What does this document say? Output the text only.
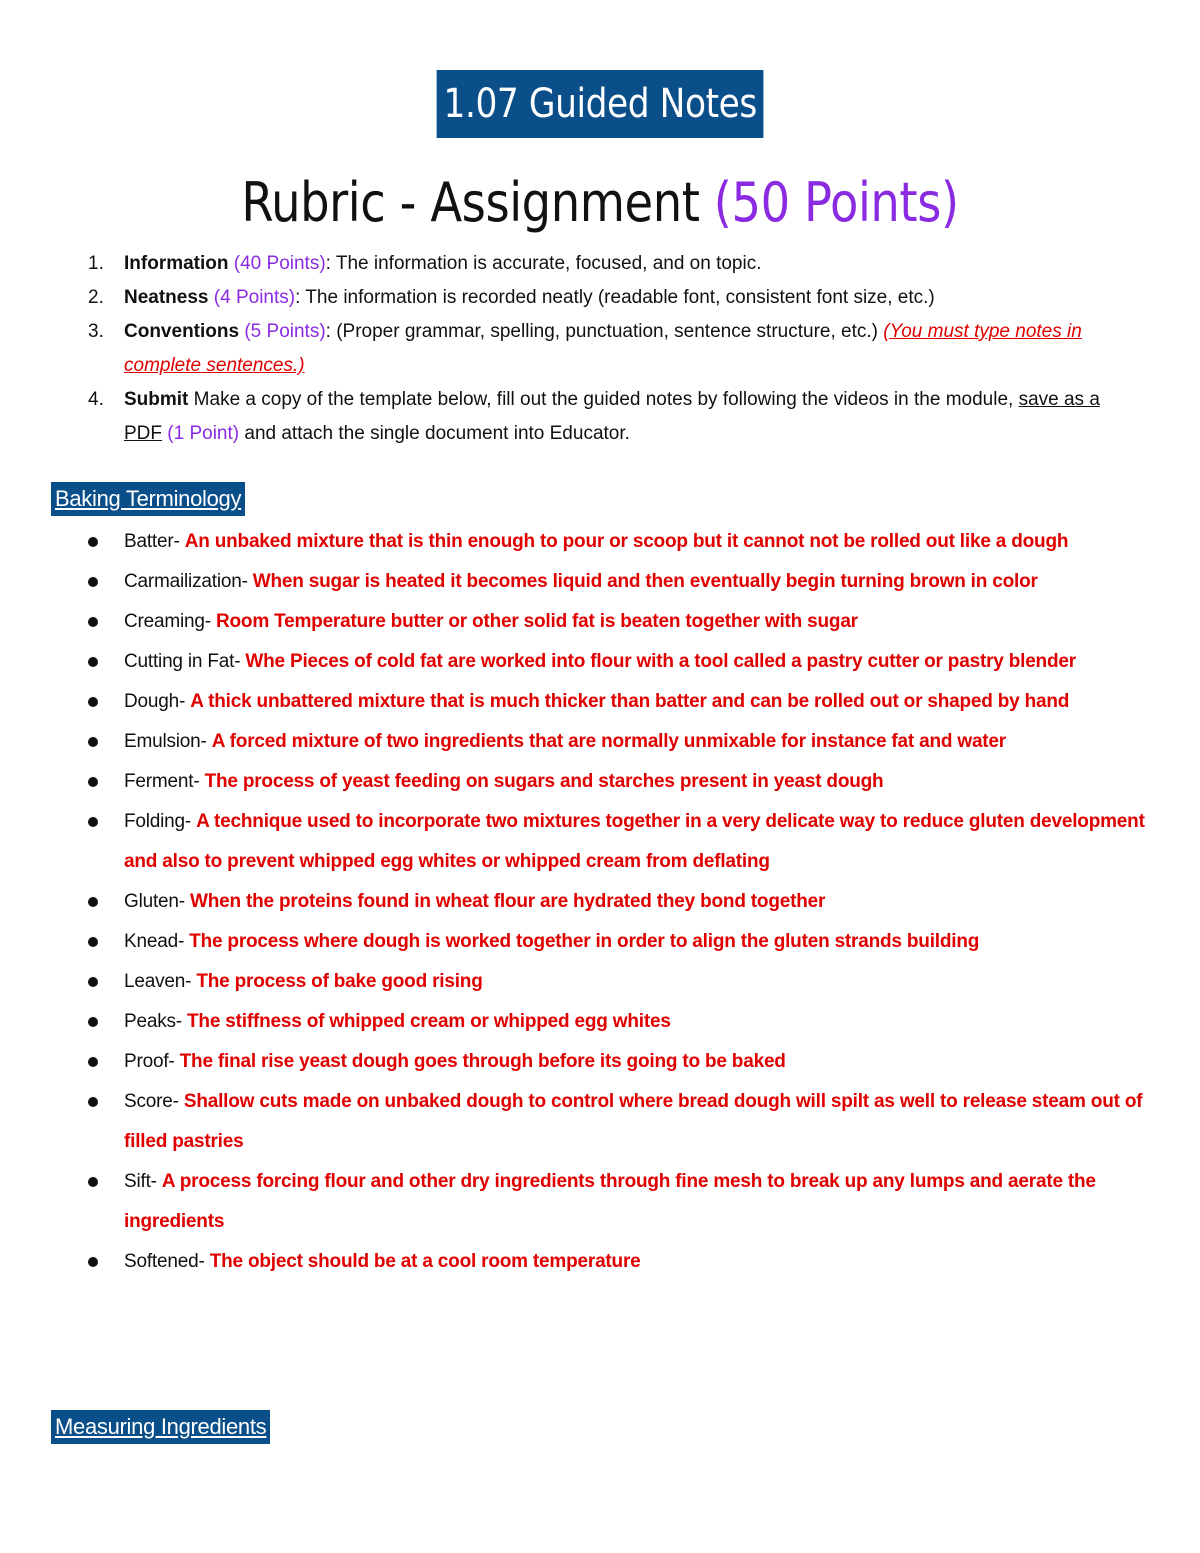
1.07 Guided Notes
Rubric - Assignment (50 Points)
1. Information (40 Points): The information is accurate, focused, and on topic.
2. Neatness (4 Points): The information is recorded neatly (readable font, consistent font size, etc.)
3. Conventions (5 Points): (Proper grammar, spelling, punctuation, sentence structure, etc.) (You must type notes in complete sentences.)
4. Submit Make a copy of the template below, fill out the guided notes by following the videos in the module, save as a PDF (1 Point) and attach the single document into Educator.
Baking Terminology
Batter- An unbaked mixture that is thin enough to pour or scoop but it cannot not be rolled out like a dough
Carmailization- When sugar is heated it becomes liquid and then eventually begin turning brown in color
Creaming- Room Temperature butter or other solid fat is beaten together with sugar
Cutting in Fat- Whe Pieces of cold fat are worked into flour with a tool called a pastry cutter or pastry blender
Dough- A thick unbattered mixture that is much thicker than batter and can be rolled out or shaped by hand
Emulsion- A forced mixture of two ingredients that are normally unmixable for instance fat and water
Ferment- The process of yeast feeding on sugars and starches present in yeast dough
Folding- A technique used to incorporate two mixtures together in a very delicate way to reduce gluten development and also to prevent whipped egg whites or whipped cream from deflating
Gluten- When the proteins found in wheat flour are hydrated they bond together
Knead- The process where dough is worked together in order to align the gluten strands building
Leaven- The process of bake good rising
Peaks- The stiffness of whipped cream or whipped egg whites
Proof- The final rise yeast dough goes through before its going to be baked
Score- Shallow cuts made on unbaked dough to control where bread dough will spilt as well to release steam out of filled pastries
Sift- A process forcing flour and other dry ingredients through fine mesh to break up any lumps and aerate the ingredients
Softened- The object should be at a cool room temperature
Measuring Ingredients
